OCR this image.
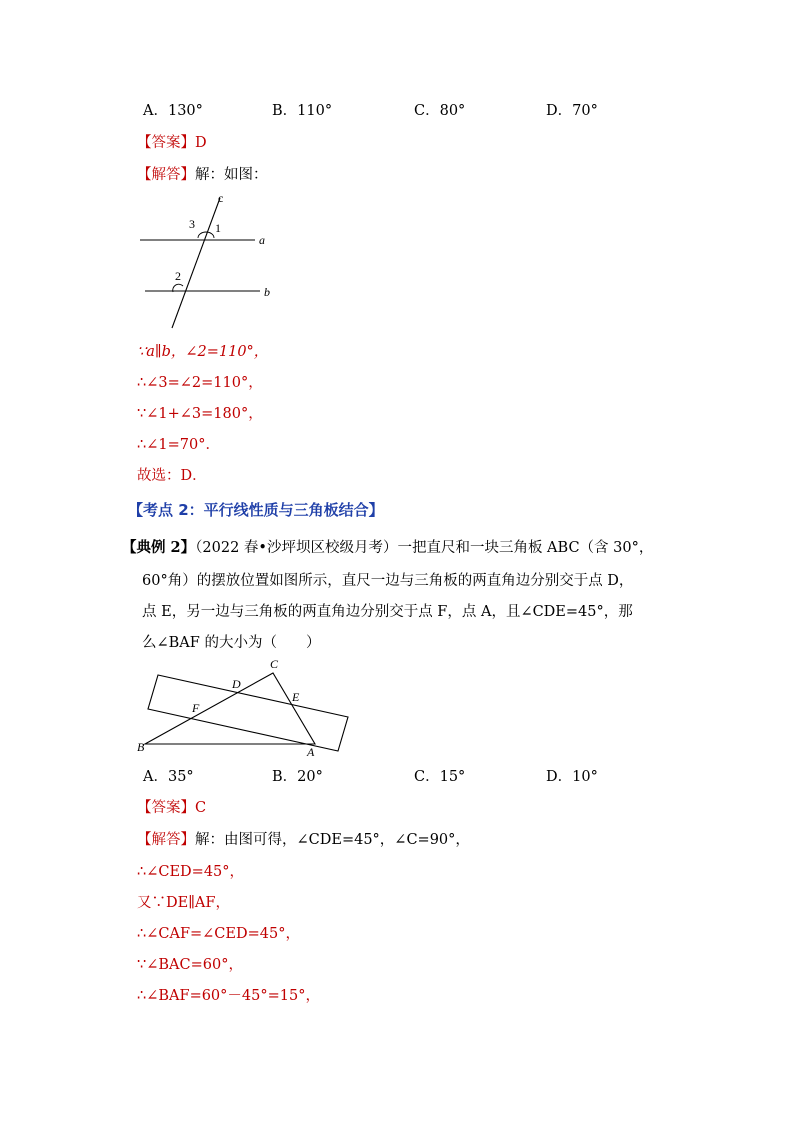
A．130°	B．110°	C．80°	D．70°
【答案】D
【解答】解：如图：
c
a
b
1
3
2
∵a∥b，∠2=110°，
∴∠3=∠2=110°，
∵∠1+∠3=180°，
∴∠1=70°．
故选：D．
【考点 2：平行线性质与三角板结合】
【典例 2】（2022 春•沙坪坝区校级月考）一把直尺和一块三角板 ABC（含 30°，
60°角）的摆放位置如图所示，直尺一边与三角板的两直角边分别交于点 D，
点 E，另一边与三角板的两直角边分别交于点 F，点 A，且∠CDE=45°，那
么∠BAF 的大小为（　　）
C
D
E
F
B	A
A．35°	B．20°	C．15°	D．10°
【答案】C
【解答】解：由图可得，∠CDE=45°，∠C=90°，
∴∠CED=45°，
又∵DE∥AF，
∴∠CAF=∠CED=45°，
∵∠BAC=60°，
∴∠BAF=60°－45°=15°，
